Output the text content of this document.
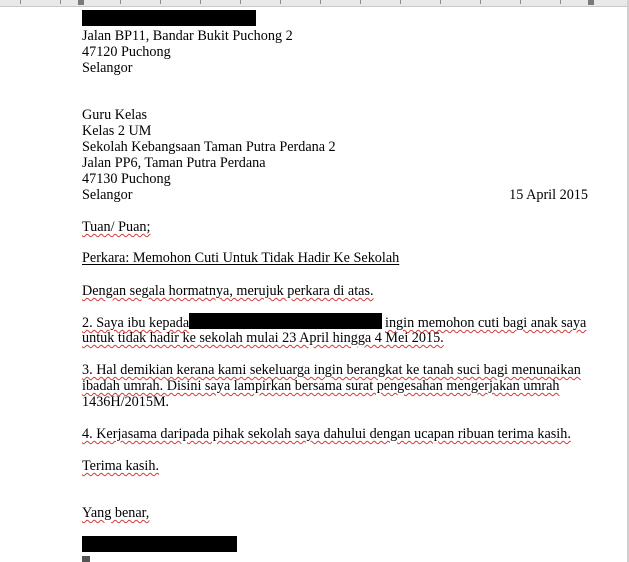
Jalan BP11, Bandar Bukit Puchong 2
47120 Puchong
Selangor
Guru Kelas
Kelas 2 UM
Sekolah Kebangsaan Taman Putra Perdana 2
Jalan PP6, Taman Putra Perdana
47130 Puchong
Selangor	15 April 2015
Tuan/ Puan;
Perkara: Memohon Cuti Untuk Tidak Hadir Ke Sekolah
Dengan segala hormatnya, merujuk perkara di atas.
2. Saya ibu kepada	ingin memohon cuti bagi anak saya
untuk tidak hadir ke sekolah mulai 23 April hingga 4 Mei 2015.
3. Hal demikian kerana kami sekeluarga ingin berangkat ke tanah suci bagi menunaikan
ibadah umrah. Disini saya lampirkan bersama surat pengesahan mengerjakan umrah
1436H/2015M.
4. Kerjasama daripada pihak sekolah saya dahului dengan ucapan ribuan terima kasih.
Terima kasih.
Yang benar,
